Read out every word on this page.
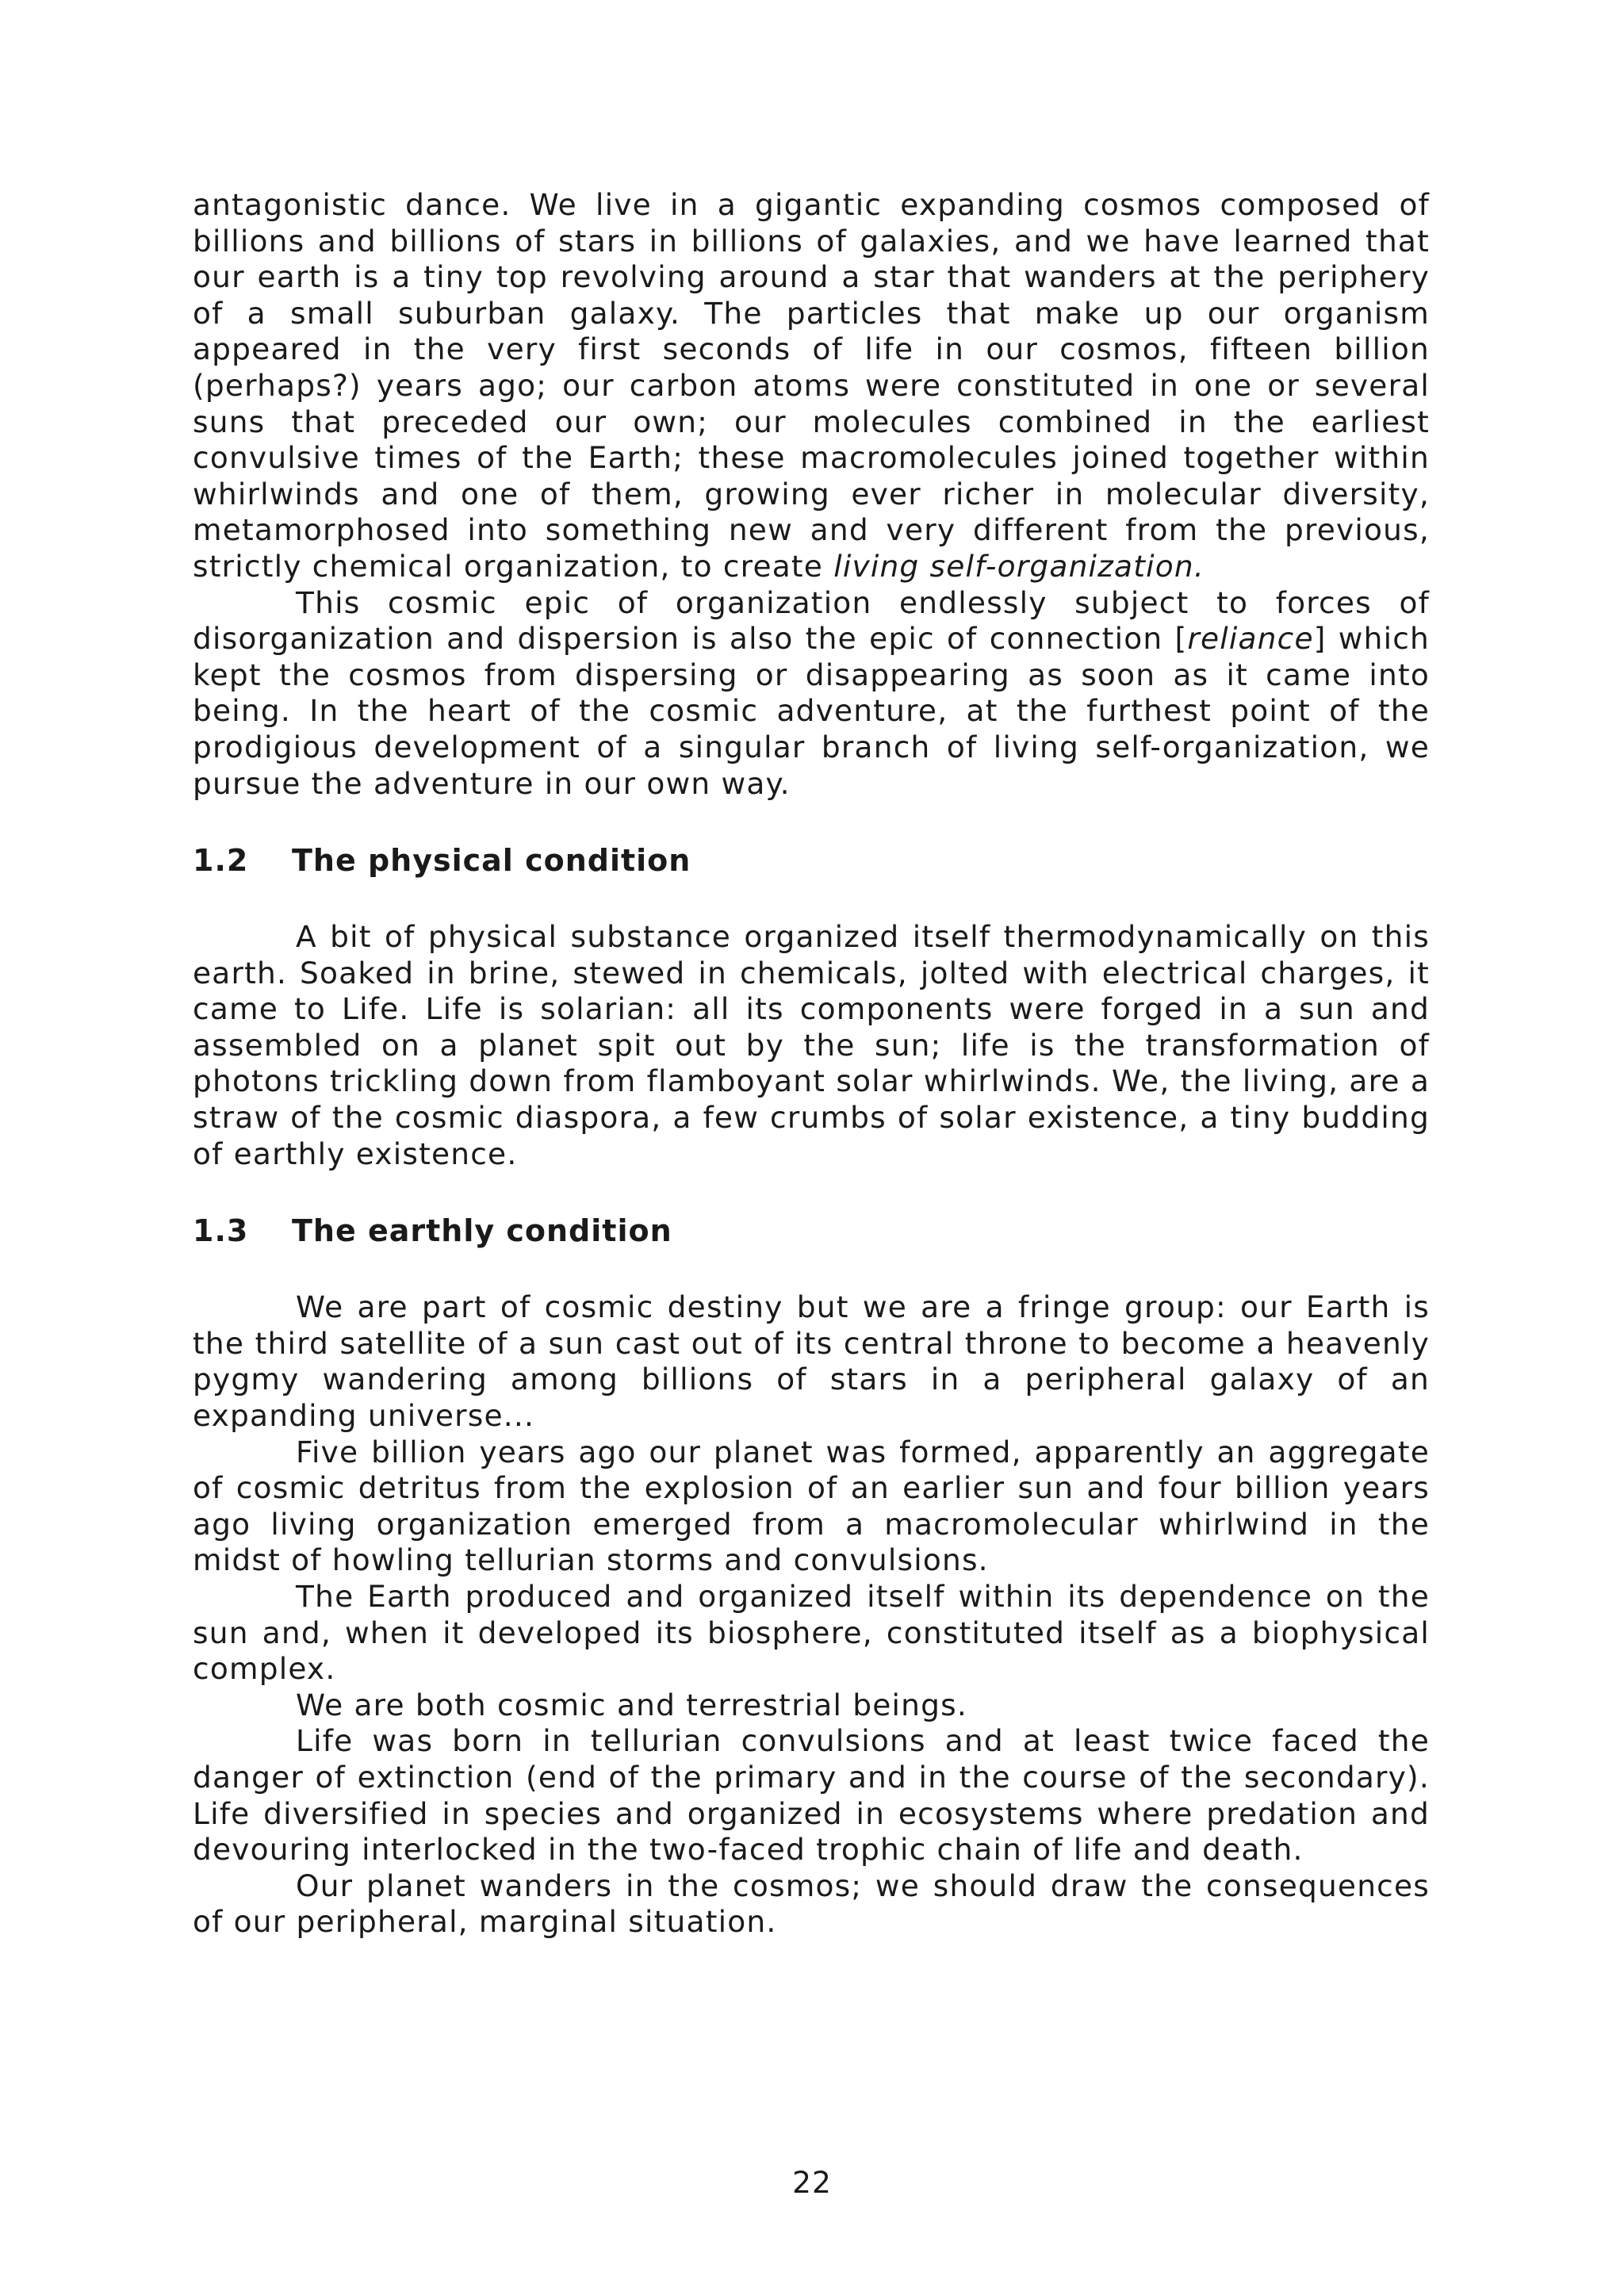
antagonistic dance. We live in a gigantic expanding cosmos composed of billions and billions of stars in billions of galaxies, and we have learned that our earth is a tiny top revolving around a star that wanders at the periphery of a small suburban galaxy. The particles that make up our organism appeared in the very first seconds of life in our cosmos, fifteen billion (perhaps?) years ago; our carbon atoms were constituted in one or several suns that preceded our own; our molecules combined in the earliest convulsive times of the Earth; these macromolecules joined together within whirlwinds and one of them, growing ever richer in molecular diversity, metamorphosed into something new and very different from the previous, strictly chemical organization, to create living self-organization.

This cosmic epic of organization endlessly subject to forces of disorganization and dispersion is also the epic of connection [reliance] which kept the cosmos from dispersing or disappearing as soon as it came into being. In the heart of the cosmic adventure, at the furthest point of the prodigious development of a singular branch of living self-organization, we pursue the adventure in our own way.

1.2 The physical condition

A bit of physical substance organized itself thermodynamically on this earth. Soaked in brine, stewed in chemicals, jolted with electrical charges, it came to Life. Life is solarian: all its components were forged in a sun and assembled on a planet spit out by the sun; life is the transformation of photons trickling down from flamboyant solar whirlwinds. We, the living, are a straw of the cosmic diaspora, a few crumbs of solar existence, a tiny budding of earthly existence.

1.3 The earthly condition

We are part of cosmic destiny but we are a fringe group: our Earth is the third satellite of a sun cast out of its central throne to become a heavenly pygmy wandering among billions of stars in a peripheral galaxy of an expanding universe...

Five billion years ago our planet was formed, apparently an aggregate of cosmic detritus from the explosion of an earlier sun and four billion years ago living organization emerged from a macromolecular whirlwind in the midst of howling tellurian storms and convulsions.

The Earth produced and organized itself within its dependence on the sun and, when it developed its biosphere, constituted itself as a biophysical complex.

We are both cosmic and terrestrial beings.

Life was born in tellurian convulsions and at least twice faced the danger of extinction (end of the primary and in the course of the secondary). Life diversified in species and organized in ecosystems where predation and devouring interlocked in the two-faced trophic chain of life and death.

Our planet wanders in the cosmos; we should draw the consequences of our peripheral, marginal situation.

22
